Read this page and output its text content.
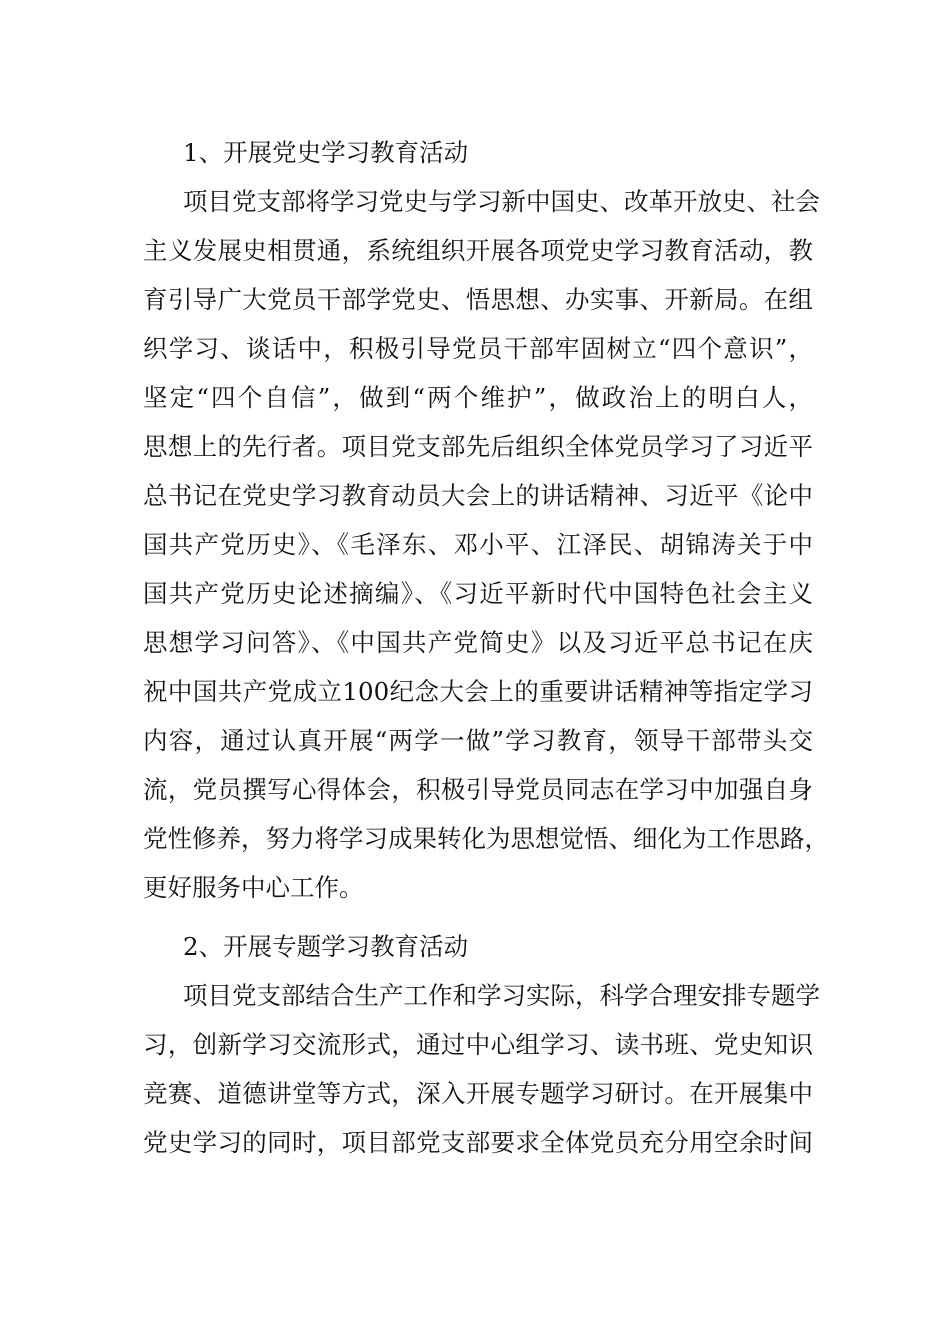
1、开展党史学习教育活动
项目党支部将学习党史与学习新中国史、改革开放史、社会
主义发展史相贯通，系统组织开展各项党史学习教育活动，教
育引导广大党员干部学党史、悟思想、办实事、开新局。在组
织学习、谈话中，积极引导党员干部牢固树立“四个意识”，
坚定“四个自信”，做到“两个维护”，做政治上的明白人，
思想上的先行者。项目党支部先后组织全体党员学习了习近平
总书记在党史学习教育动员大会上的讲话精神、习近平《论中
国共产党历史》、《毛泽东、邓小平、江泽民、胡锦涛关于中
国共产党历史论述摘编》、《习近平新时代中国特色社会主义
思想学习问答》、《中国共产党简史》以及习近平总书记在庆
祝中国共产党成立100纪念大会上的重要讲话精神等指定学习
内容，通过认真开展“两学一做”学习教育，领导干部带头交
流，党员撰写心得体会，积极引导党员同志在学习中加强自身
党性修养，努力将学习成果转化为思想觉悟、细化为工作思路，
更好服务中心工作。
2、开展专题学习教育活动
项目党支部结合生产工作和学习实际，科学合理安排专题学
习，创新学习交流形式，通过中心组学习、读书班、党史知识
竞赛、道德讲堂等方式，深入开展专题学习研讨。在开展集中
党史学习的同时，项目部党支部要求全体党员充分用空余时间
